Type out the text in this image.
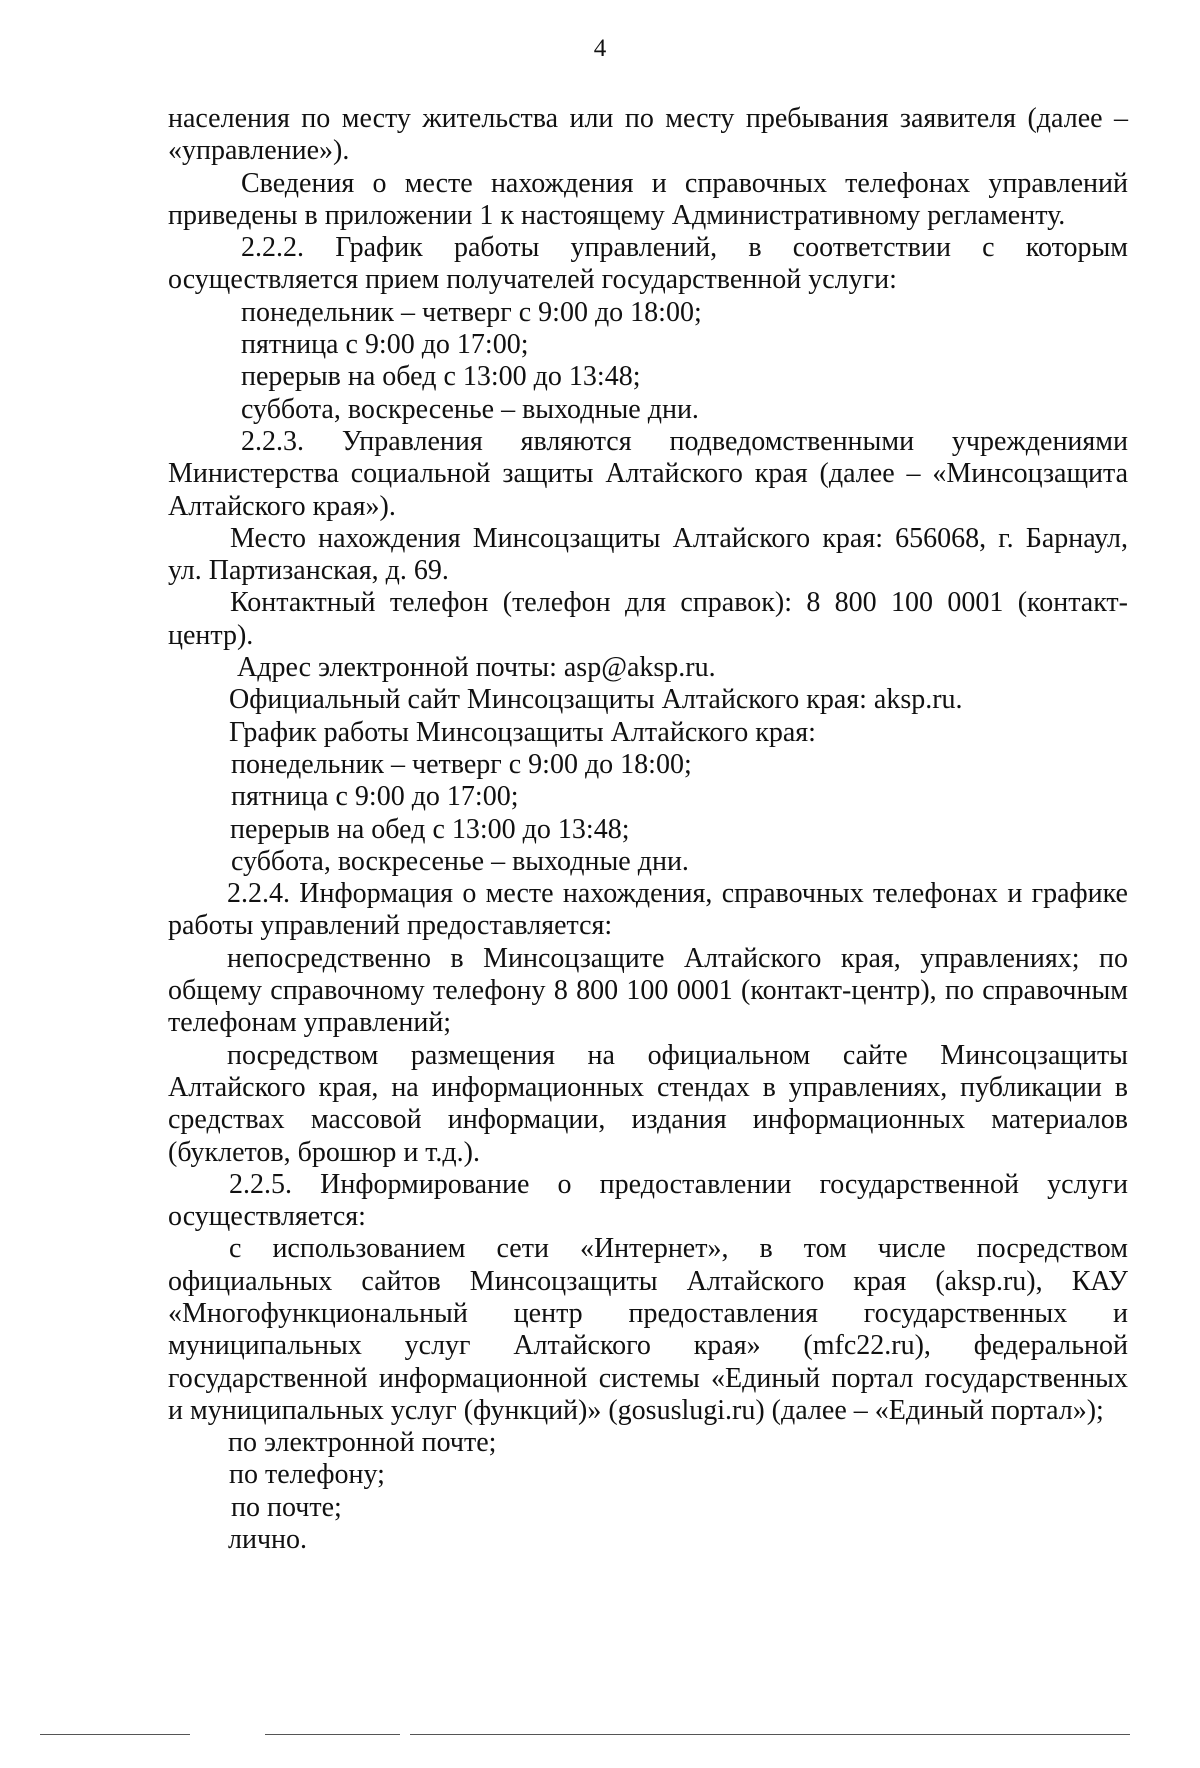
4

населения по месту жительства или по месту пребывания заявителя (далее – «управление»).

Сведения о месте нахождения и справочных телефонах управлений приведены в приложении 1 к настоящему Административному регламенту.

2.2.2. График работы управлений, в соответствии с которым осуществляется прием получателей государственной услуги:

понедельник – четверг с 9:00 до 18:00;

пятница с 9:00 до 17:00;

перерыв на обед с 13:00 до 13:48;

суббота, воскресенье – выходные дни.

2.2.3. Управления являются подведомственными учреждениями Министерства социальной защиты Алтайского края (далее – «Минсоцзащита Алтайского края»).

Место нахождения Минсоцзащиты Алтайского края: 656068, г. Барнаул, ул. Партизанская, д. 69.

Контактный телефон (телефон для справок): 8 800 100 0001 (контакт-центр).

Адрес электронной почты: asp@aksp.ru.

Официальный сайт Минсоцзащиты Алтайского края: aksp.ru.

График работы Минсоцзащиты Алтайского края:

понедельник – четверг с 9:00 до 18:00;

пятница с 9:00 до 17:00;

перерыв на обед с 13:00 до 13:48;

суббота, воскресенье – выходные дни.

2.2.4. Информация о месте нахождения, справочных телефонах и графике работы управлений предоставляется:

непосредственно в Минсоцзащите Алтайского края, управлениях; по общему справочному телефону 8 800 100 0001 (контакт-центр), по справочным телефонам управлений;

посредством размещения на официальном сайте Минсоцзащиты Алтайского края, на информационных стендах в управлениях, публикации в средствах массовой информации, издания информационных материалов (буклетов, брошюр и т.д.).

2.2.5. Информирование о предоставлении государственной услуги осуществляется:

с использованием сети «Интернет», в том числе посредством официальных сайтов Минсоцзащиты Алтайского края (aksp.ru), КАУ «Многофункциональный центр предоставления государственных и муниципальных услуг Алтайского края» (mfc22.ru), федеральной государственной информационной системы «Единый портал государственных и муниципальных услуг (функций)» (gosuslugi.ru) (далее – «Единый портал»);

по электронной почте;

по телефону;

по почте;

лично.
